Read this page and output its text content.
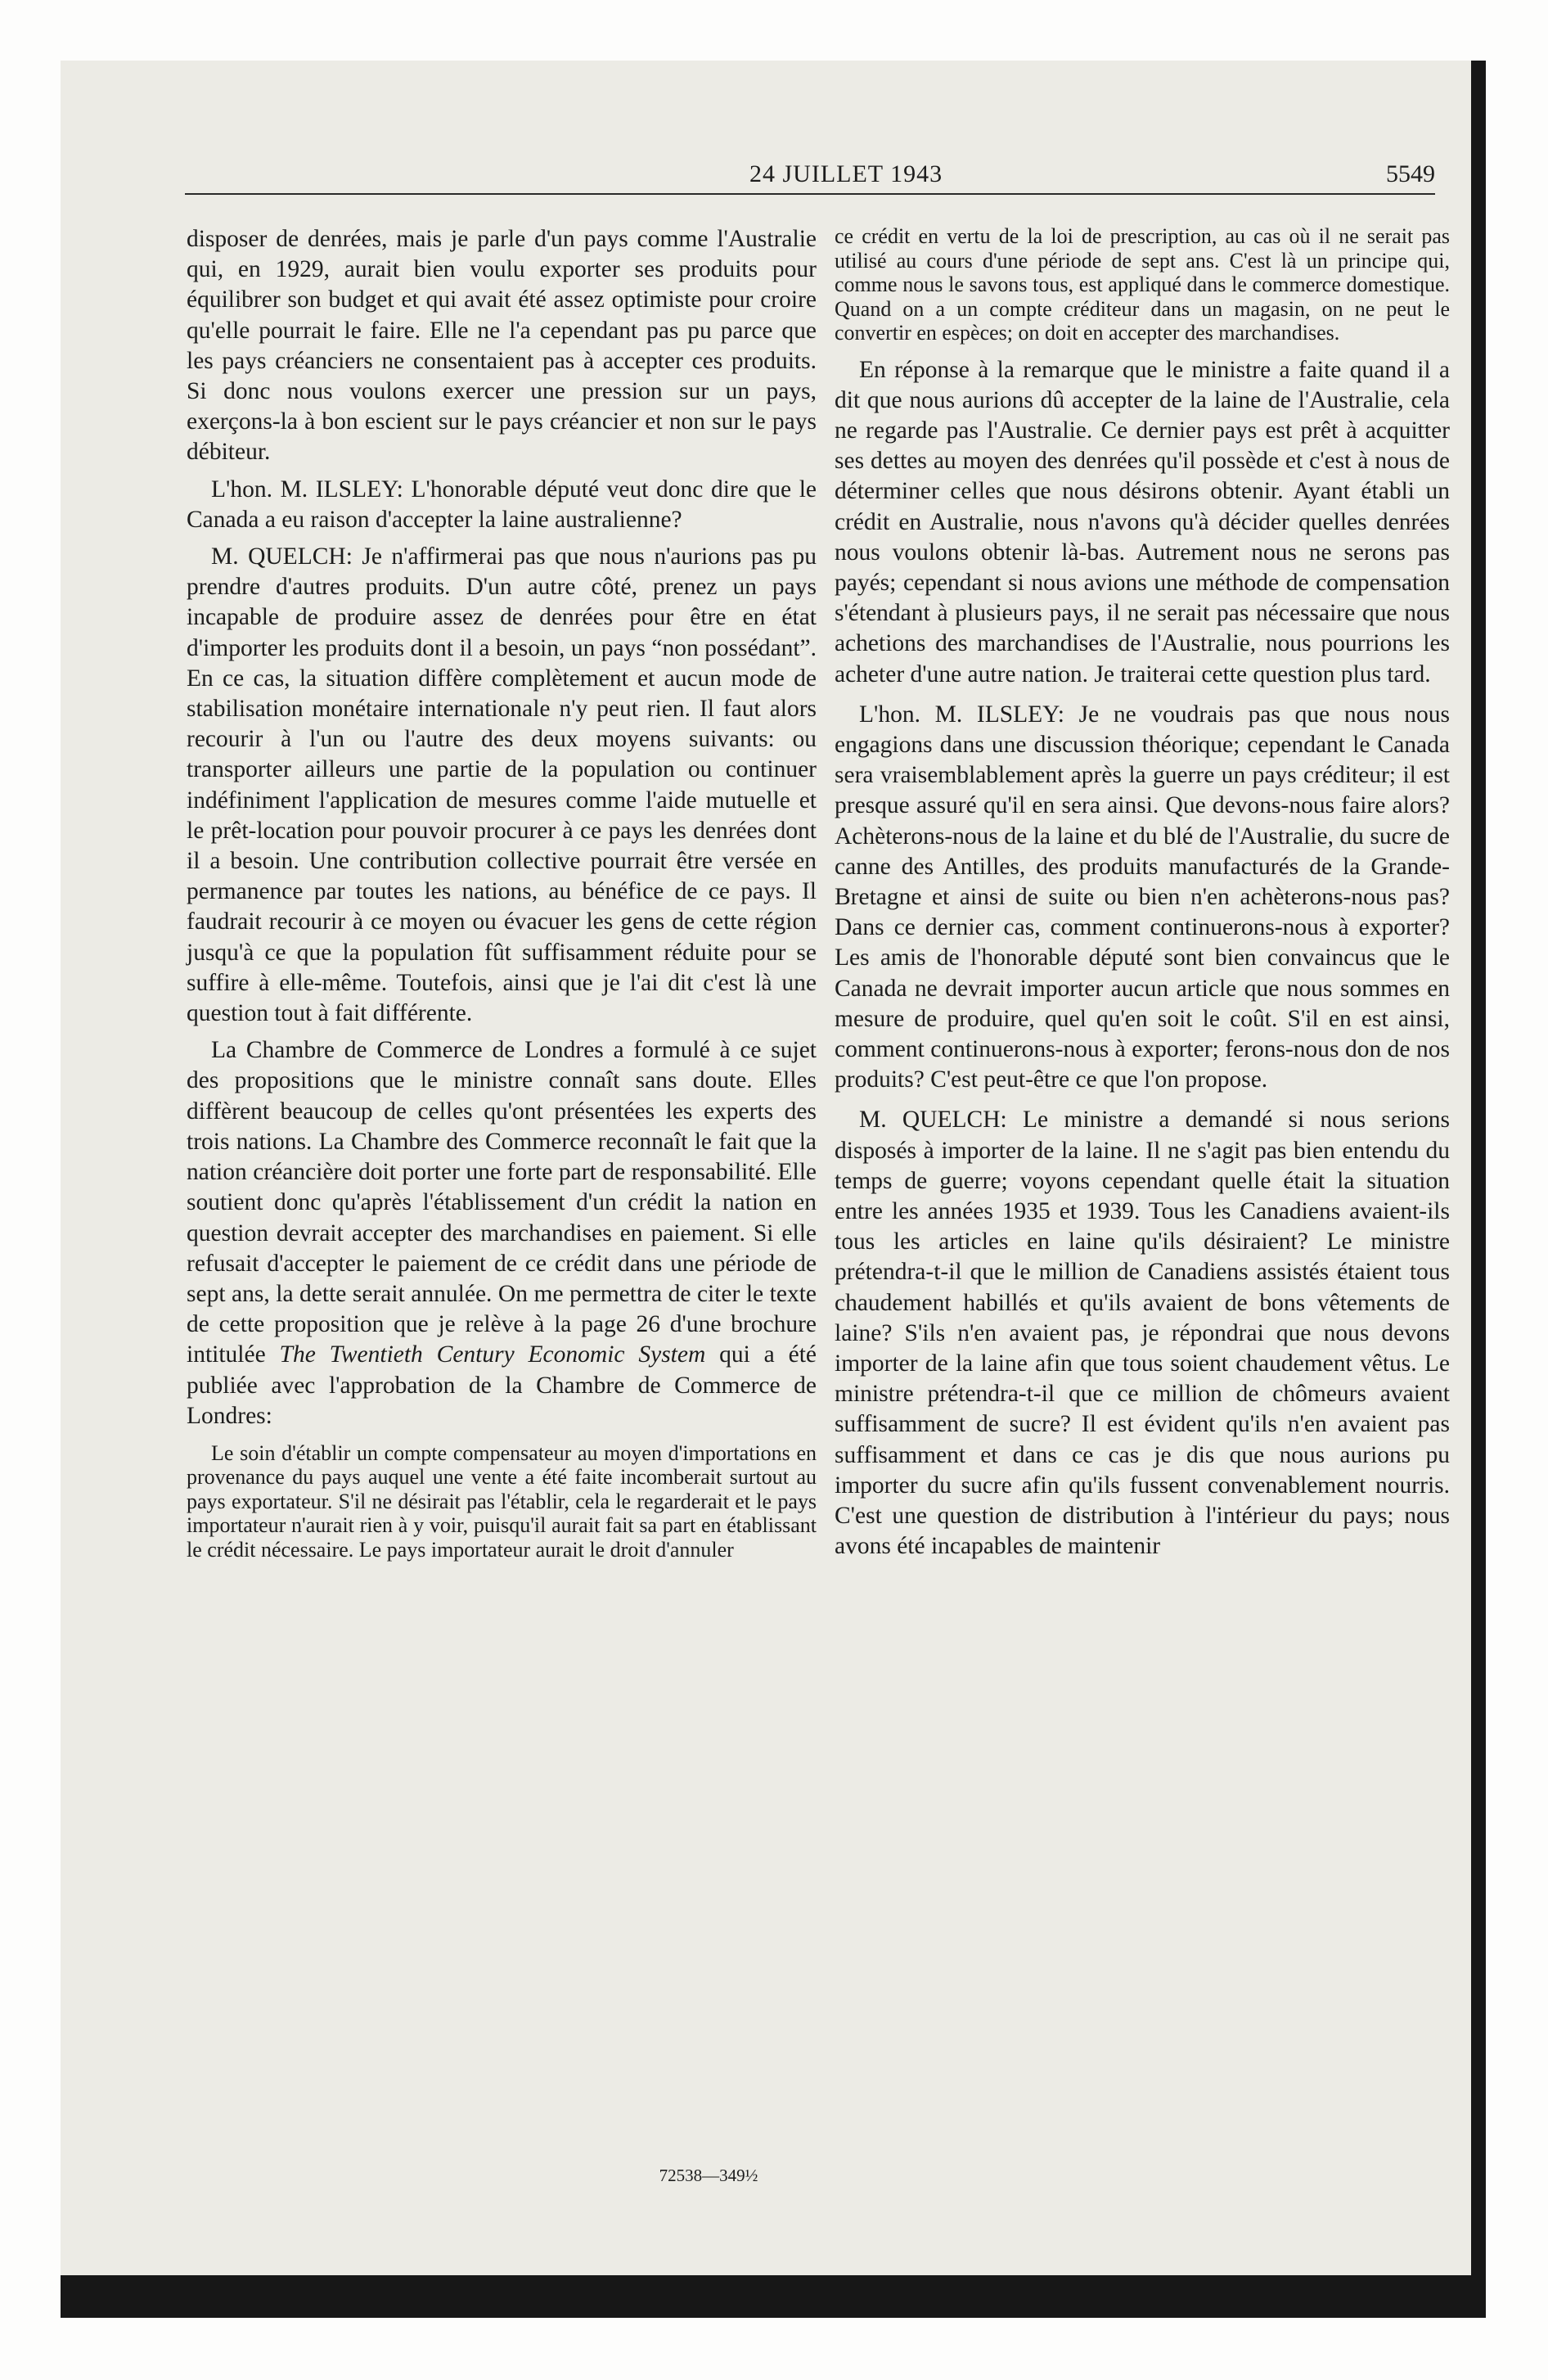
24 JUILLET 1943	5549

disposer de denrées, mais je parle d'un pays comme l'Australie qui, en 1929, aurait bien voulu exporter ses produits pour équilibrer son budget et qui avait été assez optimiste pour croire qu'elle pourrait le faire. Elle ne l'a cependant pas pu parce que les pays créanciers ne consentaient pas à accepter ces produits. Si donc nous voulons exercer une pression sur un pays, exerçons-la à bon escient sur le pays créancier et non sur le pays débiteur.

L'hon. M. ILSLEY: L'honorable député veut donc dire que le Canada a eu raison d'accepter la laine australienne?

M. QUELCH: Je n'affirmerai pas que nous n'aurions pas pu prendre d'autres produits. D'un autre côté, prenez un pays incapable de produire assez de denrées pour être en état d'importer les produits dont il a besoin, un pays “non possédant”. En ce cas, la situation diffère complètement et aucun mode de stabilisation monétaire internationale n'y peut rien. Il faut alors recourir à l'un ou l'autre des deux moyens suivants: ou transporter ailleurs une partie de la population ou continuer indéfiniment l'application de mesures comme l'aide mutuelle et le prêt-location pour pouvoir procurer à ce pays les denrées dont il a besoin. Une contribution collective pourrait être versée en permanence par toutes les nations, au bénéfice de ce pays. Il faudrait recourir à ce moyen ou évacuer les gens de cette région jusqu'à ce que la population fût suffisamment réduite pour se suffire à elle-même. Toutefois, ainsi que je l'ai dit c'est là une question tout à fait différente.

La Chambre de Commerce de Londres a formulé à ce sujet des propositions que le ministre connaît sans doute. Elles diffèrent beaucoup de celles qu'ont présentées les experts des trois nations. La Chambre des Commerce reconnaît le fait que la nation créancière doit porter une forte part de responsabilité. Elle soutient donc qu'après l'établissement d'un crédit la nation en question devrait accepter des marchandises en paiement. Si elle refusait d'accepter le paiement de ce crédit dans une période de sept ans, la dette serait annulée. On me permettra de citer le texte de cette proposition que je relève à la page 26 d'une brochure intitulée The Twentieth Century Economic System qui a été publiée avec l'approbation de la Chambre de Commerce de Londres:

Le soin d'établir un compte compensateur au moyen d'importations en provenance du pays auquel une vente a été faite incomberait surtout au pays exportateur. S'il ne désirait pas l'établir, cela le regarderait et le pays importateur n'aurait rien à y voir, puisqu'il aurait fait sa part en établissant le crédit nécessaire. Le pays importateur aurait le droit d'annuler

ce crédit en vertu de la loi de prescription, au cas où il ne serait pas utilisé au cours d'une période de sept ans. C'est là un principe qui, comme nous le savons tous, est appliqué dans le commerce domestique. Quand on a un compte créditeur dans un magasin, on ne peut le convertir en espèces; on doit en accepter des marchandises.

En réponse à la remarque que le ministre a faite quand il a dit que nous aurions dû accepter de la laine de l'Australie, cela ne regarde pas l'Australie. Ce dernier pays est prêt à acquitter ses dettes au moyen des denrées qu'il possède et c'est à nous de déterminer celles que nous désirons obtenir. Ayant établi un crédit en Australie, nous n'avons qu'à décider quelles denrées nous voulons obtenir là-bas. Autrement nous ne serons pas payés; cependant si nous avions une méthode de compensation s'étendant à plusieurs pays, il ne serait pas nécessaire que nous achetions des marchandises de l'Australie, nous pourrions les acheter d'une autre nation. Je traiterai cette question plus tard.

L'hon. M. ILSLEY: Je ne voudrais pas que nous nous engagions dans une discussion théorique; cependant le Canada sera vraisemblablement après la guerre un pays créditeur; il est presque assuré qu'il en sera ainsi. Que devons-nous faire alors? Achèterons-nous de la laine et du blé de l'Australie, du sucre de canne des Antilles, des produits manufacturés de la Grande-Bretagne et ainsi de suite ou bien n'en achèterons-nous pas? Dans ce dernier cas, comment continuerons-nous à exporter? Les amis de l'honorable député sont bien convaincus que le Canada ne devrait importer aucun article que nous sommes en mesure de produire, quel qu'en soit le coût. S'il en est ainsi, comment continuerons-nous à exporter; ferons-nous don de nos produits? C'est peut-être ce que l'on propose.

M. QUELCH: Le ministre a demandé si nous serions disposés à importer de la laine. Il ne s'agit pas bien entendu du temps de guerre; voyons cependant quelle était la situation entre les années 1935 et 1939. Tous les Canadiens avaient-ils tous les articles en laine qu'ils désiraient? Le ministre prétendra-t-il que le million de Canadiens assistés étaient tous chaudement habillés et qu'ils avaient de bons vêtements de laine? S'ils n'en avaient pas, je répondrai que nous devons importer de la laine afin que tous soient chaudement vêtus. Le ministre prétendra-t-il que ce million de chômeurs avaient suffisamment de sucre? Il est évident qu'ils n'en avaient pas suffisamment et dans ce cas je dis que nous aurions pu importer du sucre afin qu'ils fussent convenablement nourris. C'est une question de distribution à l'intérieur du pays; nous avons été incapables de maintenir

72538—349½
